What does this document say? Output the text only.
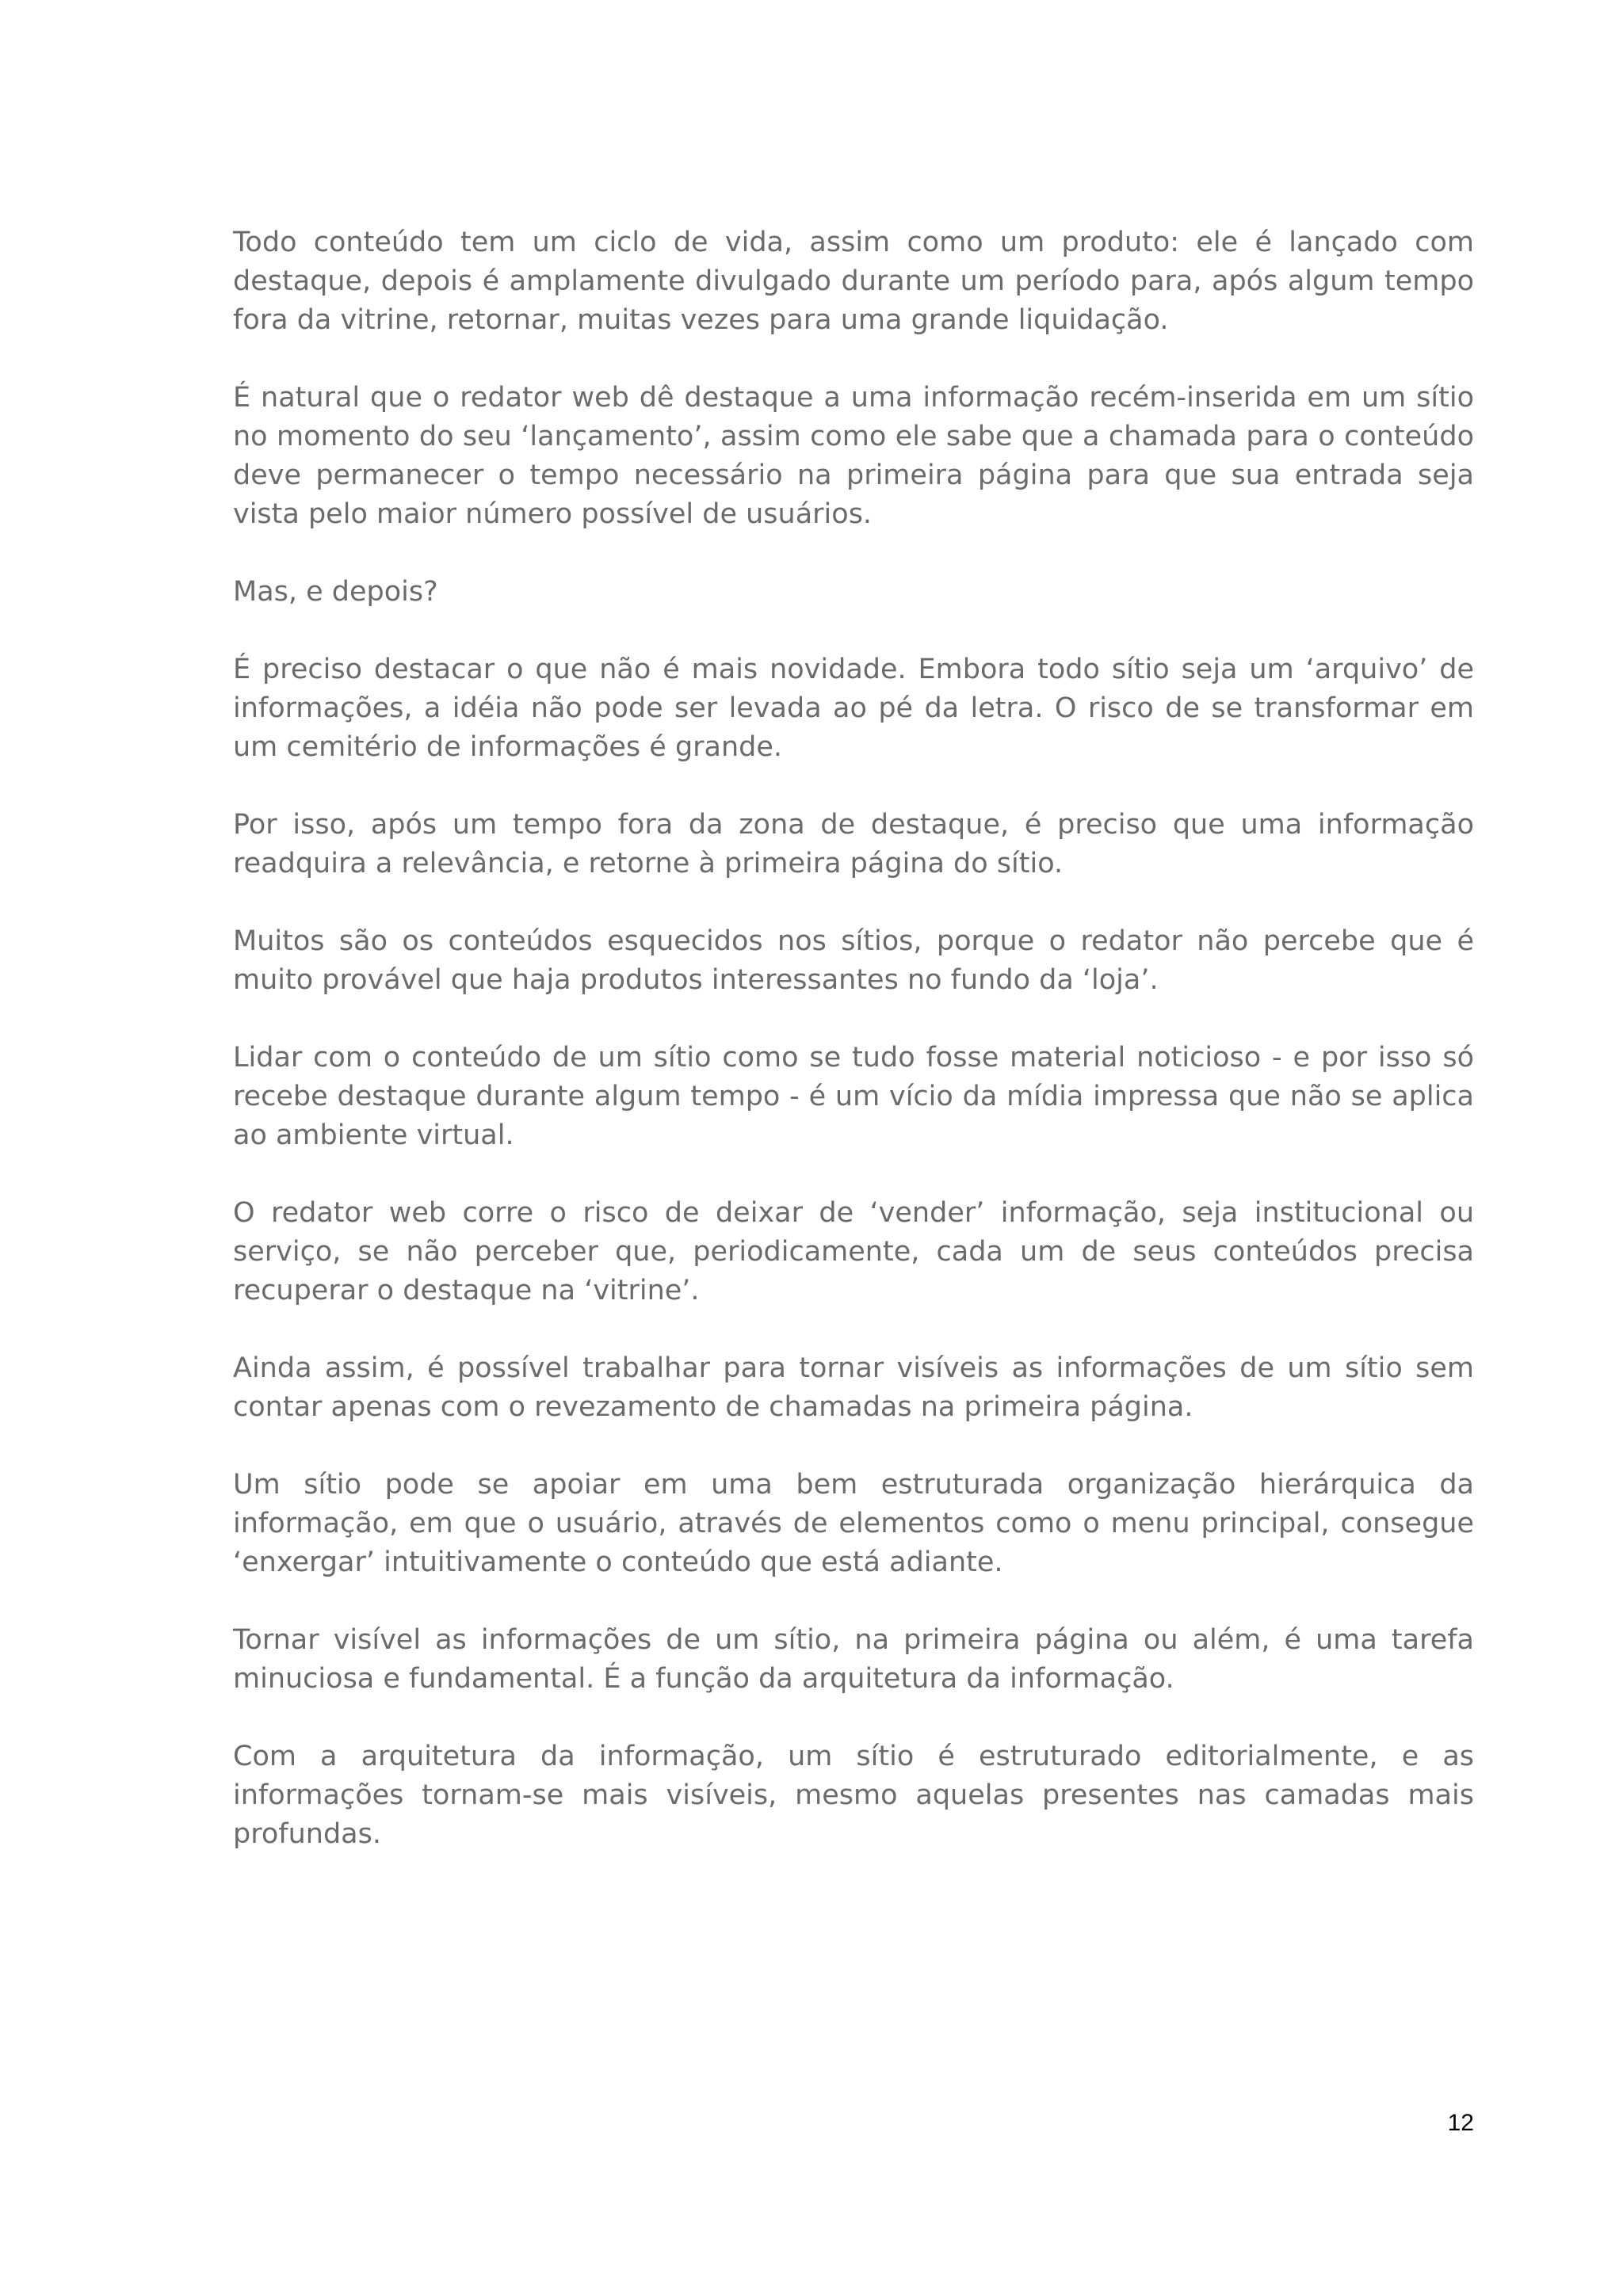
Todo conteúdo tem um ciclo de vida, assim como um produto: ele é lançado com destaque, depois é amplamente divulgado durante um período para, após algum tempo fora da vitrine, retornar, muitas vezes para uma grande liquidação.

É natural que o redator web dê destaque a uma informação recém-inserida em um sítio no momento do seu ‘lançamento’, assim como ele sabe que a chamada para o conteúdo deve permanecer o tempo necessário na primeira página para que sua entrada seja vista pelo maior número possível de usuários.

Mas, e depois?

É preciso destacar o que não é mais novidade. Embora todo sítio seja um ‘arquivo’ de informações, a idéia não pode ser levada ao pé da letra. O risco de se transformar em um cemitério de informações é grande.

Por isso, após um tempo fora da zona de destaque, é preciso que uma informação readquira a relevância, e retorne à primeira página do sítio.

Muitos são os conteúdos esquecidos nos sítios, porque o redator não percebe que é muito provável que haja produtos interessantes no fundo da ‘loja’.

Lidar com o conteúdo de um sítio como se tudo fosse material noticioso - e por isso só recebe destaque durante algum tempo - é um vício da mídia impressa que não se aplica ao ambiente virtual.

O redator web corre o risco de deixar de ‘vender’ informação, seja institucional ou serviço, se não perceber que, periodicamente, cada um de seus conteúdos precisa recuperar o destaque na ‘vitrine’.

Ainda assim, é possível trabalhar para tornar visíveis as informações de um sítio sem contar apenas com o revezamento de chamadas na primeira página.

Um sítio pode se apoiar em uma bem estruturada organização hierárquica da informação, em que o usuário, através de elementos como o menu principal, consegue ‘enxergar’ intuitivamente o conteúdo que está adiante.

Tornar visível as informações de um sítio, na primeira página ou além, é uma tarefa minuciosa e fundamental. É a função da arquitetura da informação.

Com a arquitetura da informação, um sítio é estruturado editorialmente, e as informações tornam-se mais visíveis, mesmo aquelas presentes nas camadas mais profundas.

12
